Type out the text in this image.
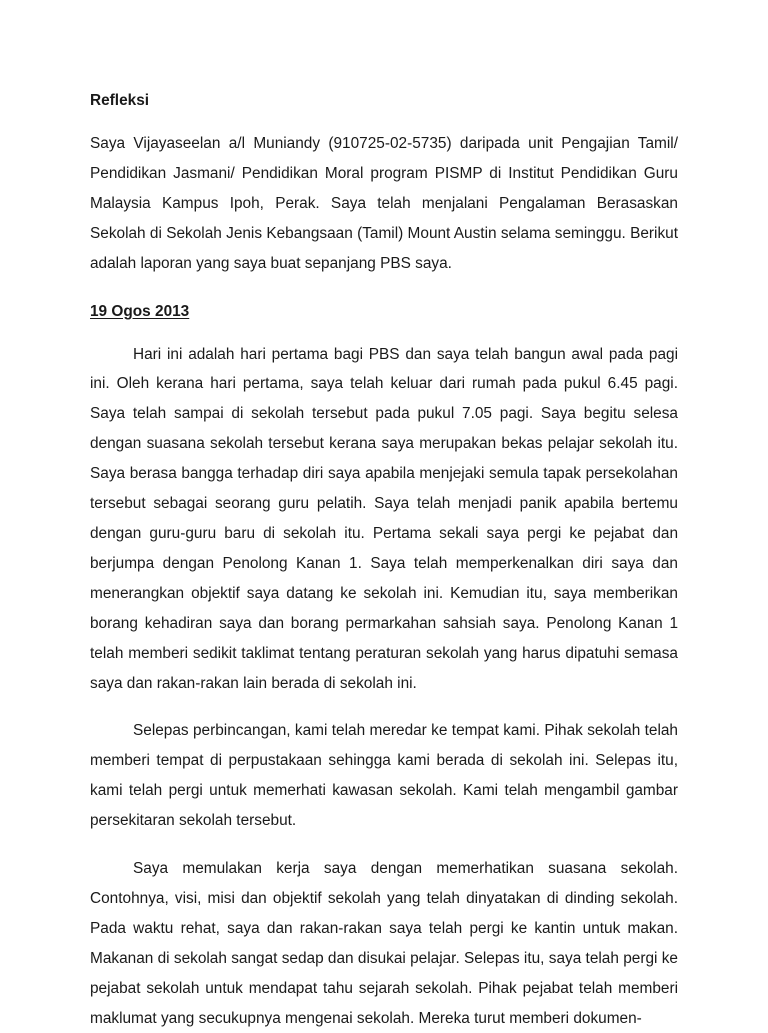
Refleksi

Saya Vijayaseelan a/l Muniandy (910725-02-5735) daripada unit Pengajian Tamil/ Pendidikan Jasmani/ Pendidikan Moral program PISMP di Institut Pendidikan Guru Malaysia Kampus Ipoh, Perak. Saya telah menjalani Pengalaman Berasaskan Sekolah di Sekolah Jenis Kebangsaan (Tamil) Mount Austin selama seminggu. Berikut adalah laporan yang saya buat sepanjang PBS saya.

19 Ogos 2013

Hari ini adalah hari pertama bagi PBS dan saya telah bangun awal pada pagi ini. Oleh kerana hari pertama, saya telah keluar dari rumah pada pukul 6.45 pagi. Saya telah sampai di sekolah tersebut pada pukul 7.05 pagi. Saya begitu selesa dengan suasana sekolah tersebut kerana saya merupakan bekas pelajar sekolah itu. Saya berasa bangga terhadap diri saya apabila menjejaki semula tapak persekolahan tersebut sebagai seorang guru pelatih. Saya telah menjadi panik apabila bertemu dengan guru-guru baru di sekolah itu. Pertama sekali saya pergi ke pejabat dan berjumpa dengan Penolong Kanan 1. Saya telah memperkenalkan diri saya dan menerangkan objektif saya datang ke sekolah ini. Kemudian itu, saya memberikan borang kehadiran saya dan borang permarkahan sahsiah saya. Penolong Kanan 1 telah memberi sedikit taklimat tentang peraturan sekolah yang harus dipatuhi semasa saya dan rakan-rakan lain berada di sekolah ini.

Selepas perbincangan, kami telah meredar ke tempat kami. Pihak sekolah telah memberi tempat di perpustakaan sehingga kami berada di sekolah ini. Selepas itu, kami telah pergi untuk memerhati kawasan sekolah. Kami telah mengambil gambar persekitaran sekolah tersebut.

Saya memulakan kerja saya dengan memerhatikan suasana sekolah. Contohnya, visi, misi dan objektif sekolah yang telah dinyatakan di dinding sekolah. Pada waktu rehat, saya dan rakan-rakan saya telah pergi ke kantin untuk makan. Makanan di sekolah sangat sedap dan disukai pelajar. Selepas itu, saya telah pergi ke pejabat sekolah untuk mendapat tahu sejarah sekolah. Pihak pejabat telah memberi maklumat yang secukupnya mengenai sekolah. Mereka turut memberi dokumen-
